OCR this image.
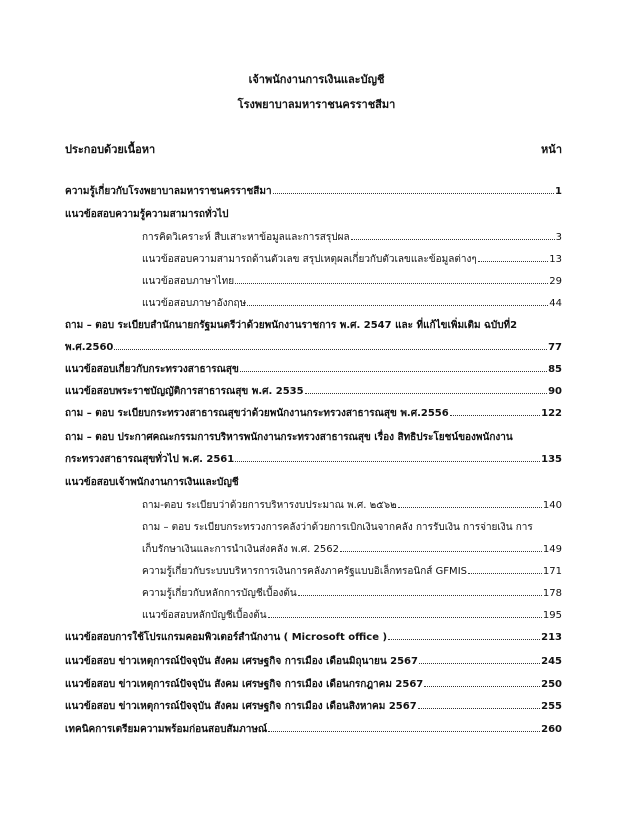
เจ้าพนักงานการเงินและบัญชี
โรงพยาบาลมหาราชนครราชสีมา
ประกอบด้วยเนื้อหา	หน้า
ความรู้เกี่ยวกับโรงพยาบาลมหาราชนครราชสีมา	1
แนวข้อสอบความรู้ความสามารถทั่วไป
การคิดวิเคราะห์ สืบเสาะหาข้อมูลและการสรุปผล	3
แนวข้อสอบความสามารถด้านตัวเลข สรุปเหตุผลเกี่ยวกับตัวเลขและข้อมูลต่างๆ	13
แนวข้อสอบภาษาไทย	29
แนวข้อสอบภาษาอังกฤษ	44
ถาม – ตอบ ระเบียบสำนักนายกรัฐมนตรีว่าด้วยพนักงานราชการ พ.ศ. 2547 และ ที่แก้ไขเพิ่มเติม ฉบับที่2
พ.ศ.2560	77
แนวข้อสอบเกี่ยวกับกระทรวงสาธารณสุข	85
แนวข้อสอบพระราชบัญญัติการสาธารณสุข พ.ศ. 2535	90
ถาม – ตอบ ระเบียบกระทรวงสาธารณสุขว่าด้วยพนักงานกระทรวงสาธารณสุข พ.ศ.2556	122
ถาม – ตอบ ประกาศคณะกรรมการบริหารพนักงานกระทรวงสาธารณสุข เรื่อง สิทธิประโยชน์ของพนักงาน
กระทรวงสาธารณสุขทั่วไป พ.ศ. 2561	135
แนวข้อสอบเจ้าพนักงานการเงินและบัญชี
ถาม-ตอบ ระเบียบว่าด้วยการบริหารงบประมาณ พ.ศ. ๒๕๖๒	140
ถาม – ตอบ ระเบียบกระทรวงการคลังว่าด้วยการเบิกเงินจากคลัง การรับเงิน การจ่ายเงิน การ
เก็บรักษาเงินและการนำเงินส่งคลัง พ.ศ. 2562	149
ความรู้เกี่ยวกับระบบบริหารการเงินการคลังภาครัฐแบบอิเล็กทรอนิกส์ GFMIS	171
ความรู้เกี่ยวกับหลักการบัญชีเบื้องต้น	178
แนวข้อสอบหลักบัญชีเบื้องต้น	195
แนวข้อสอบการใช้โปรแกรมคอมพิวเตอร์สำนักงาน ( Microsoft office )	213
แนวข้อสอบ ข่าวเหตุการณ์ปัจจุบัน สังคม เศรษฐกิจ การเมือง เดือนมิถุนายน 2567	245
แนวข้อสอบ ข่าวเหตุการณ์ปัจจุบัน สังคม เศรษฐกิจ การเมือง เดือนกรกฎาคม 2567	250
แนวข้อสอบ ข่าวเหตุการณ์ปัจจุบัน สังคม เศรษฐกิจ การเมือง เดือนสิงหาคม 2567	255
เทคนิคการเตรียมความพร้อมก่อนสอบสัมภาษณ์	260
